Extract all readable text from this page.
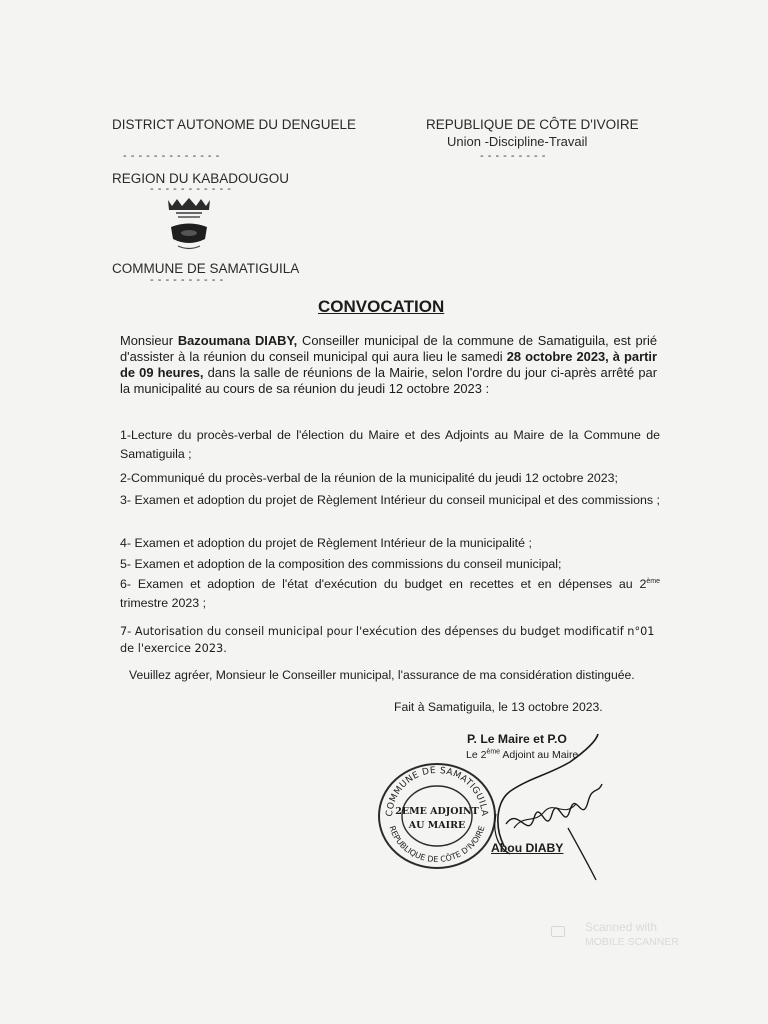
DISTRICT AUTONOME DU DENGUELE	REPUBLIQUE DE CÔTE D'IVOIRE
Union -Discipline-Travail
- - - - - - - - - - - - -	- - - - - - - - -
REGION DU KABADOUGOU
- - - - - - - - - - -
COMMUNE DE SAMATIGUILA
- - - - - - - - - -
CONVOCATION
Monsieur Bazoumana DIABY, Conseiller municipal de la commune de Samatiguila, est prié d'assister à la réunion du conseil municipal qui aura lieu le samedi 28 octobre 2023, à partir de 09 heures, dans la salle de réunions de la Mairie, selon l'ordre du jour ci-après arrêté par la municipalité au cours de sa réunion du jeudi 12 octobre 2023 :
1-Lecture du procès-verbal de l'élection du Maire et des Adjoints au Maire de la Commune de Samatiguila ;
2-Communiqué du procès-verbal de la réunion de la municipalité du jeudi 12 octobre 2023;
3- Examen et adoption du projet de Règlement Intérieur du conseil municipal et des commissions ;
4- Examen et adoption du projet de Règlement Intérieur de la municipalité ;
5- Examen et adoption de la composition des commissions du conseil municipal;
6- Examen et adoption de l'état d'exécution du budget en recettes et en dépenses au 2ème trimestre 2023 ;
7- Autorisation du conseil municipal pour l'exécution des dépenses du budget modificatif n°01 de l'exercice 2023.
Veuillez agréer, Monsieur le Conseiller municipal, l'assurance de ma considération distinguée.
Fait à Samatiguila, le 13 octobre 2023.
P. Le Maire et P.O
Le 2ème Adjoint au Maire
COMMUNE DE SAMATIGUILA
REPUBLIQUE DE CÔTE D'IVOIRE
2EME ADJOINT
AU MAIRE
Abou DIABY
Scanned with
MOBILE SCANNER
